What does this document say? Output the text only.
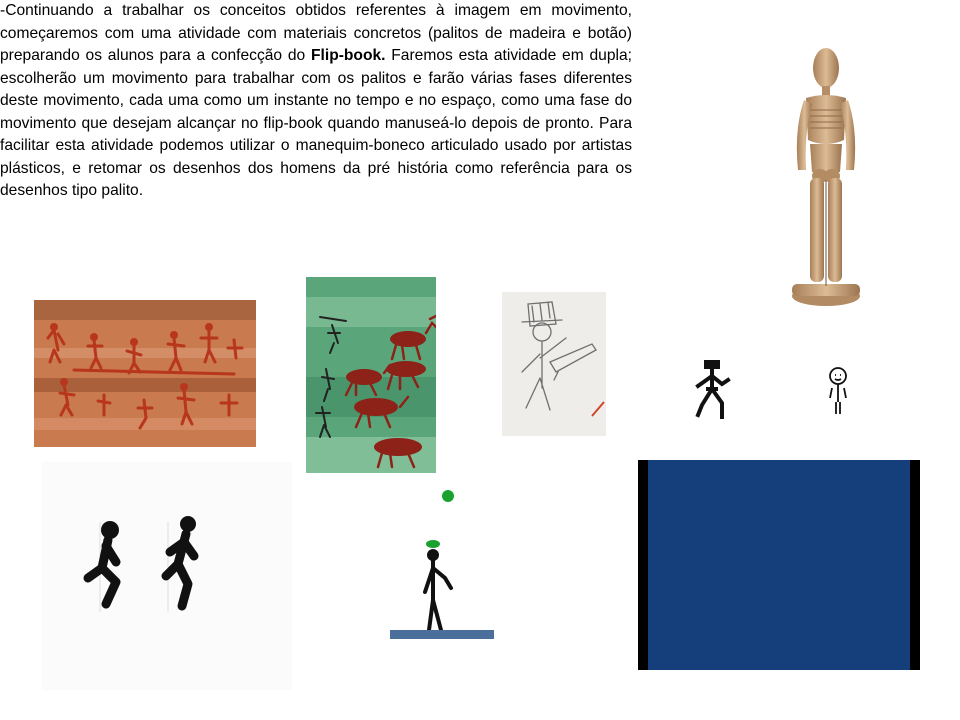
-Continuando a trabalhar os conceitos obtidos referentes à imagem em movimento, começaremos com uma atividade com materiais concretos (palitos de madeira e botão) preparando os alunos para a confecção do Flip-book. Faremos esta atividade em dupla; escolherão um movimento para trabalhar com os palitos e farão várias fases diferentes deste movimento, cada uma como um instante no tempo e no espaço, como uma fase do movimento que desejam alcançar no flip-book quando manuseá-lo depois de pronto. Para facilitar esta atividade podemos utilizar o manequim-boneco articulado usado por artistas plásticos, e retomar os desenhos dos homens da pré história como referência para os desenhos tipo palito.
